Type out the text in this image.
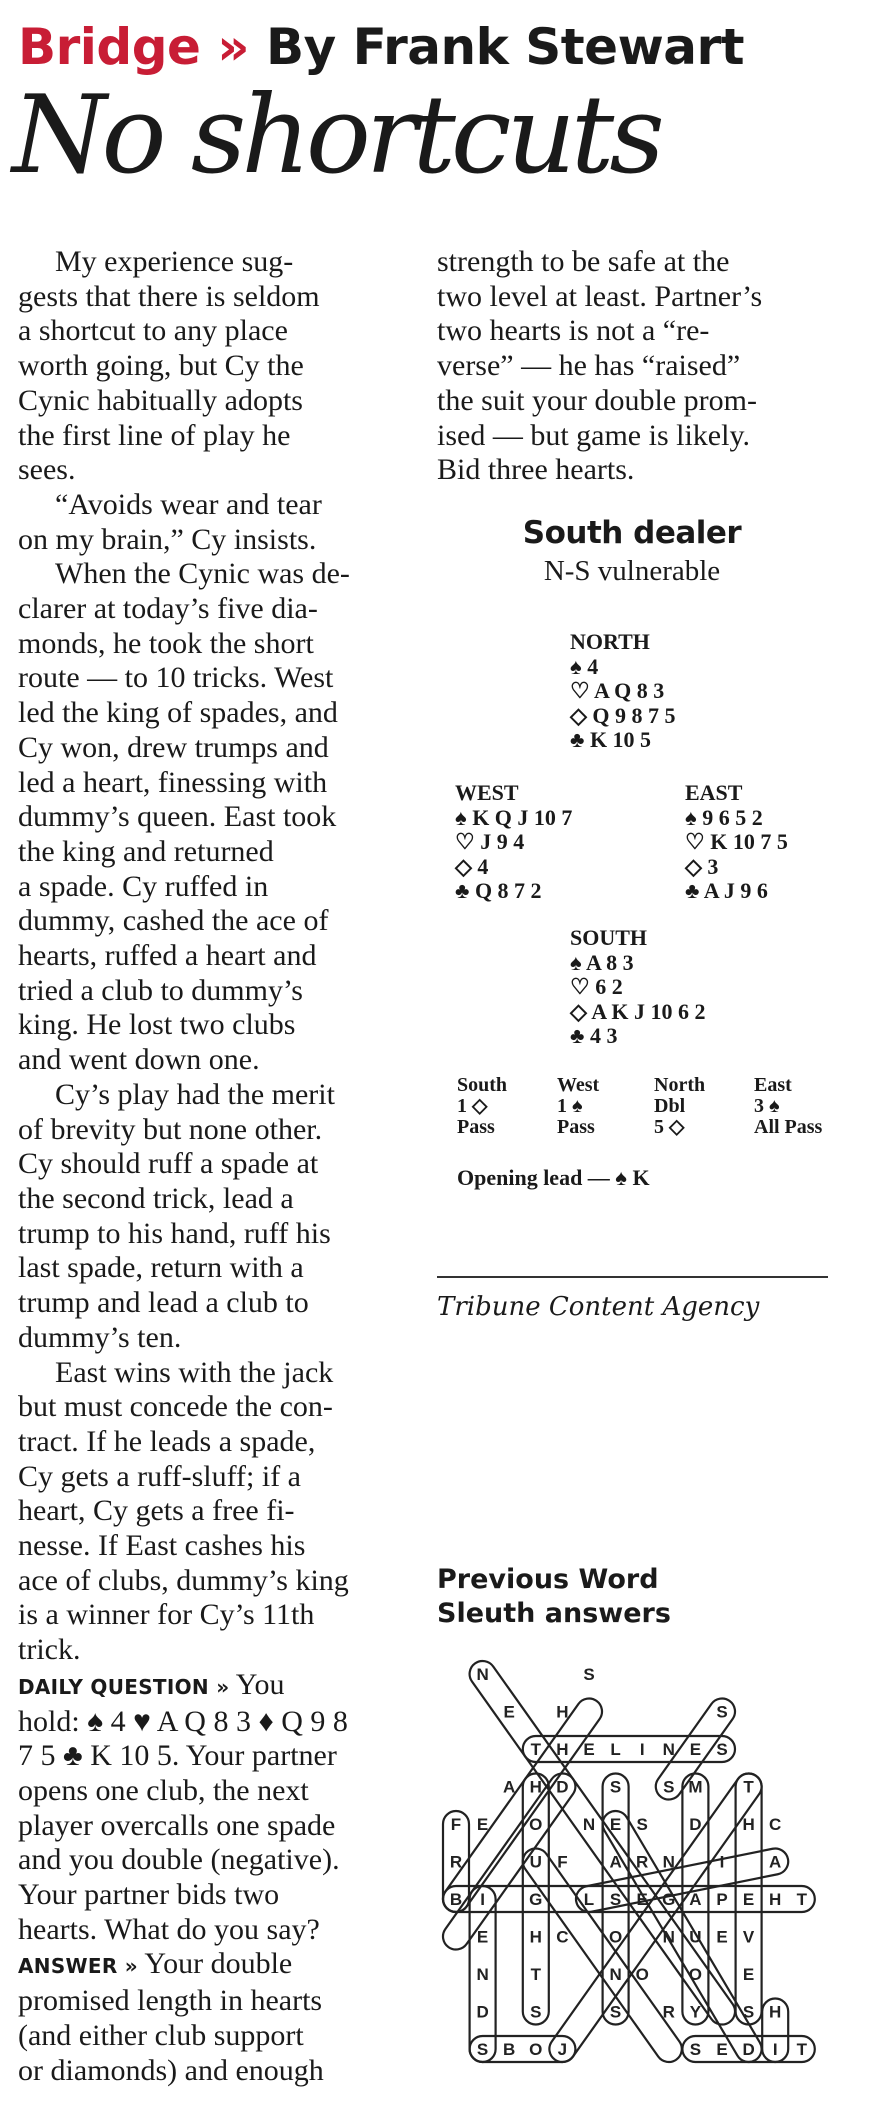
Bridge » By Frank Stewart
No shortcuts
My experience sug-
gests that there is seldom
a shortcut to any place
worth going, but Cy the
Cynic habitually adopts
the first line of play he
sees.
“Avoids wear and tear
on my brain,” Cy insists.
When the Cynic was de-
clarer at today’s five dia-
monds, he took the short
route — to 10 tricks. West
led the king of spades, and
Cy won, drew trumps and
led a heart, finessing with
dummy’s queen. East took
the king and returned
a spade. Cy ruffed in
dummy, cashed the ace of
hearts, ruffed a heart and
tried a club to dummy’s
king. He lost two clubs
and went down one.
Cy’s play had the merit
of brevity but none other.
Cy should ruff a spade at
the second trick, lead a
trump to his hand, ruff his
last spade, return with a
trump and lead a club to
dummy’s ten.
East wins with the jack
but must concede the con-
tract. If he leads a spade,
Cy gets a ruff-sluff; if a
heart, Cy gets a free fi-
nesse. If East cashes his
ace of clubs, dummy’s king
is a winner for Cy’s 11th
trick.
DAILY QUESTION » You
hold: ♠ 4 ♥ A Q 8 3 ♦ Q 9 8
7 5 ♣ K 10 5. Your partner
opens one club, the next
player overcalls one spade
and you double (negative).
Your partner bids two
hearts. What do you say?
ANSWER » Your double
promised length in hearts
(and either club support
or diamonds) and enough
strength to be safe at the
two level at least. Partner’s
two hearts is not a “re-
verse” — he has “raised”
the suit your double prom-
ised — but game is likely.
Bid three hearts.
South dealer
N-S vulnerable
NORTH
♠ 4
♡ A Q 8 3
◇ Q 9 8 7 5
♣ K 10 5
WEST
♠ K Q J 10 7
♡ J 9 4
◇ 4
♣ Q 8 7 2
EAST
♠ 9 6 5 2
♡ K 10 7 5
◇ 3
♣ A J 9 6
SOUTH
♠ A 8 3
♡ 6 2
◇ A K J 10 6 2
♣ 4 3
South
1 ◇
Pass
West
1 ♠
Pass
North
Dbl
5 ◇
East
3 ♠
All Pass
Opening lead — ♠ K
Tribune Content Agency
Previous Word
Sleuth answers
N	S
E H	S
T H E L I N E S
A H D S S M T
F E O N E S D H C
R	U F A R N	I	A
B I	G L S E G A P E H T
E H C O N U E V
N T	N O O E
D S	S R Y S H
S B O J	S E D I T
